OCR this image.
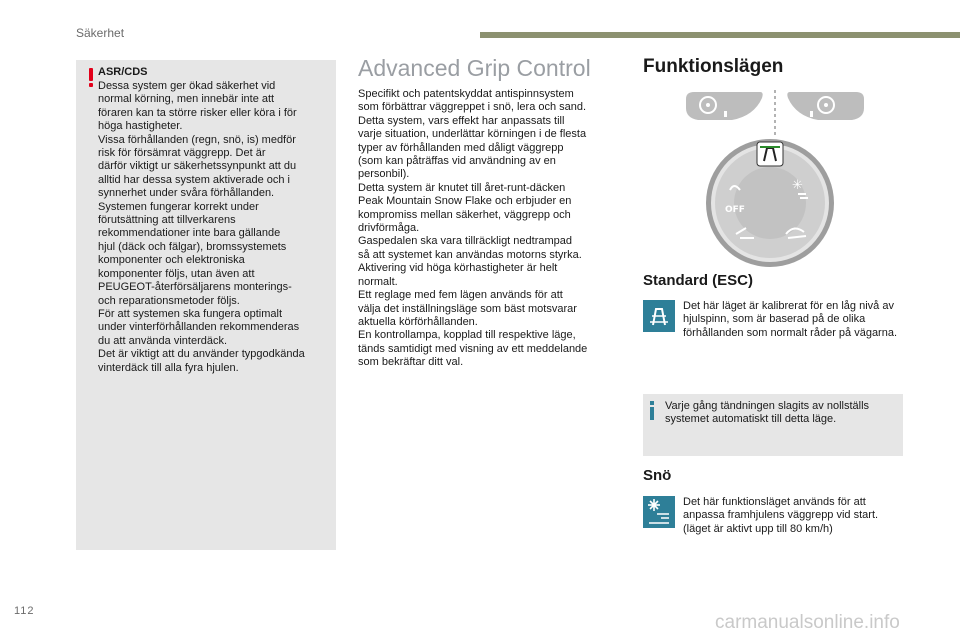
Säkerhet
ASR/CDS
Dessa system ger ökad säkerhet vid
normal körning, men innebär inte att
föraren kan ta större risker eller köra i för
höga hastigheter.
Vissa förhållanden (regn, snö, is) medför
risk för försämrat väggrepp. Det är
därför viktigt ur säkerhetssynpunkt att du
alltid har dessa system aktiverade och i
synnerhet under svåra förhållanden.
Systemen fungerar korrekt under
förutsättning att tillverkarens
rekommendationer inte bara gällande
hjul (däck och fälgar), bromssystemets
komponenter och elektroniska
komponenter följs, utan även att
PEUGEOT-återförsäljarens monterings-
och reparationsmetoder följs.
För att systemen ska fungera optimalt
under vinterförhållanden rekommenderas
du att använda vinterdäck.
Det är viktigt att du använder typgodkända
vinterdäck till alla fyra hjulen.
Advanced Grip Control
Specifikt och patentskyddat antispinnsystem
som förbättrar väggreppet i snö, lera och sand.
Detta system, vars effekt har anpassats till
varje situation, underlättar körningen i de flesta
typer av förhållanden med dåligt väggrepp
(som kan påträffas vid användning av en
personbil).
Detta system är knutet till året-runt-däcken
Peak Mountain Snow Flake och erbjuder en
kompromiss mellan säkerhet, väggrepp och
drivförmåga.
Gaspedalen ska vara tillräckligt nedtrampad
så att systemet kan användas motorns styrka.
Aktivering vid höga körhastigheter är helt
normalt.
Ett reglage med fem lägen används för att
välja det inställningsläge som bäst motsvarar
aktuella körförhållanden.
En kontrollampa, kopplad till respektive läge,
tänds samtidigt med visning av ett meddelande
som bekräftar ditt val.
Funktionslägen
✳
OFF
Standard (ESC)
Det här läget är kalibrerat för en låg nivå av hjulspinn, som är baserad på de olika förhållanden som normalt råder på vägarna.
Varje gång tändningen slagits av nollställs systemet automatiskt till detta läge.
Snö
Det här funktionsläget används för att anpassa framhjulens väggrepp vid start. (läget är aktivt upp till 80 km/h)
112
carmanualsonline.info
